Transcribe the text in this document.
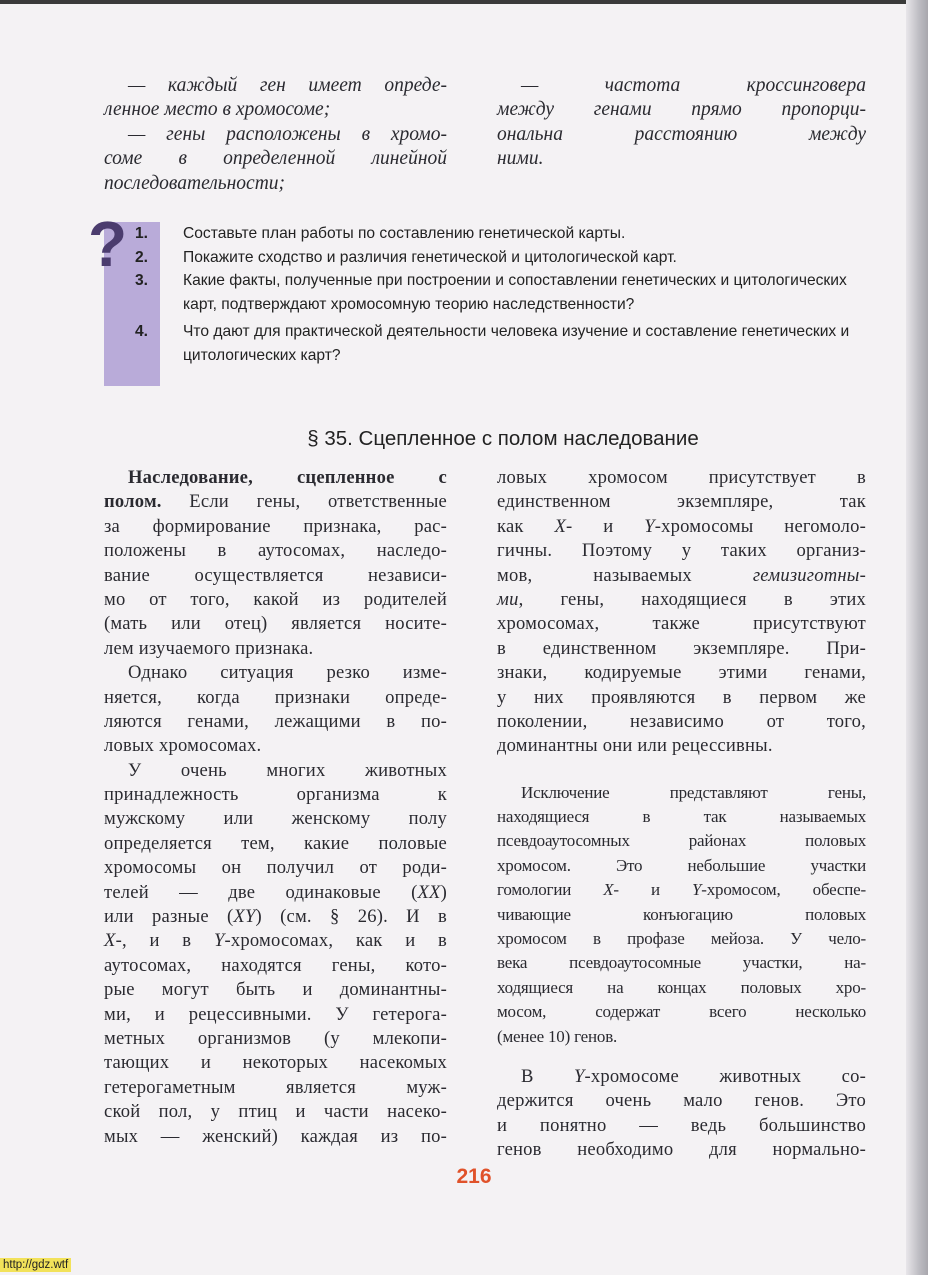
— каждый ген имеет опреде-
ленное место в хромосоме;
— гены расположены в хромо-
соме в определенной линейной
последовательности;
— частота кроссинговера
между генами прямо пропорци-
ональна расстоянию между
ними.
? 1. Составьте план работы по составлению генетической карты.
2. Покажите сходство и различия генетической и цитологической карт.
3. Какие факты, полученные при построении и сопоставлении генетических и цитологических карт, подтверждают хромосомную теорию наследственности?
4. Что дают для практической деятельности человека изучение и составление генетических и цитологических карт?
§ 35. Сцепленное с полом наследование
Наследование, сцепленное с
полом. Если гены, ответственные
за формирование признака, рас-
положены в аутосомах, наследо-
вание осуществляется независи-
мо от того, какой из родителей
(мать или отец) является носите-
лем изучаемого признака.
Однако ситуация резко изме-
няется, когда признаки опреде-
ляются генами, лежащими в по-
ловых хромосомах.
У очень многих животных
принадлежность организма к
мужскому или женскому полу
определяется тем, какие половые
хромосомы он получил от роди-
телей — две одинаковые (XX)
или разные (XY) (см. § 26). И в
X-, и в Y-хромосомах, как и в
аутосомах, находятся гены, кото-
рые могут быть и доминантны-
ми, и рецессивными. У гетерога-
метных организмов (у млекопи-
тающих и некоторых насекомых
гетерогаметным является муж-
ской пол, у птиц и части насеко-
мых — женский) каждая из по-
ловых хромосом присутствует в
единственном экземпляре, так
как X- и Y-хромосомы негомоло-
гичны. Поэтому у таких организ-
мов, называемых гемизиготны-
ми, гены, находящиеся в этих
хромосомах, также присутствуют
в единственном экземпляре. При-
знаки, кодируемые этими генами,
у них проявляются в первом же
поколении, независимо от того,
доминантны они или рецессивны.
Исключение представляют гены,
находящиеся в так называемых
псевдоаутосомных районах половых
хромосом. Это небольшие участки
гомологии X- и Y-хромосом, обеспе-
чивающие конъюгацию половых
хромосом в профазе мейоза. У чело-
века псевдоаутосомные участки, на-
ходящиеся на концах половых хро-
мосом, содержат всего несколько
(менее 10) генов.
В Y-хромосоме животных со-
держится очень мало генов. Это
и понятно — ведь большинство
генов необходимо для нормально-
216
http://gdz.wtf
